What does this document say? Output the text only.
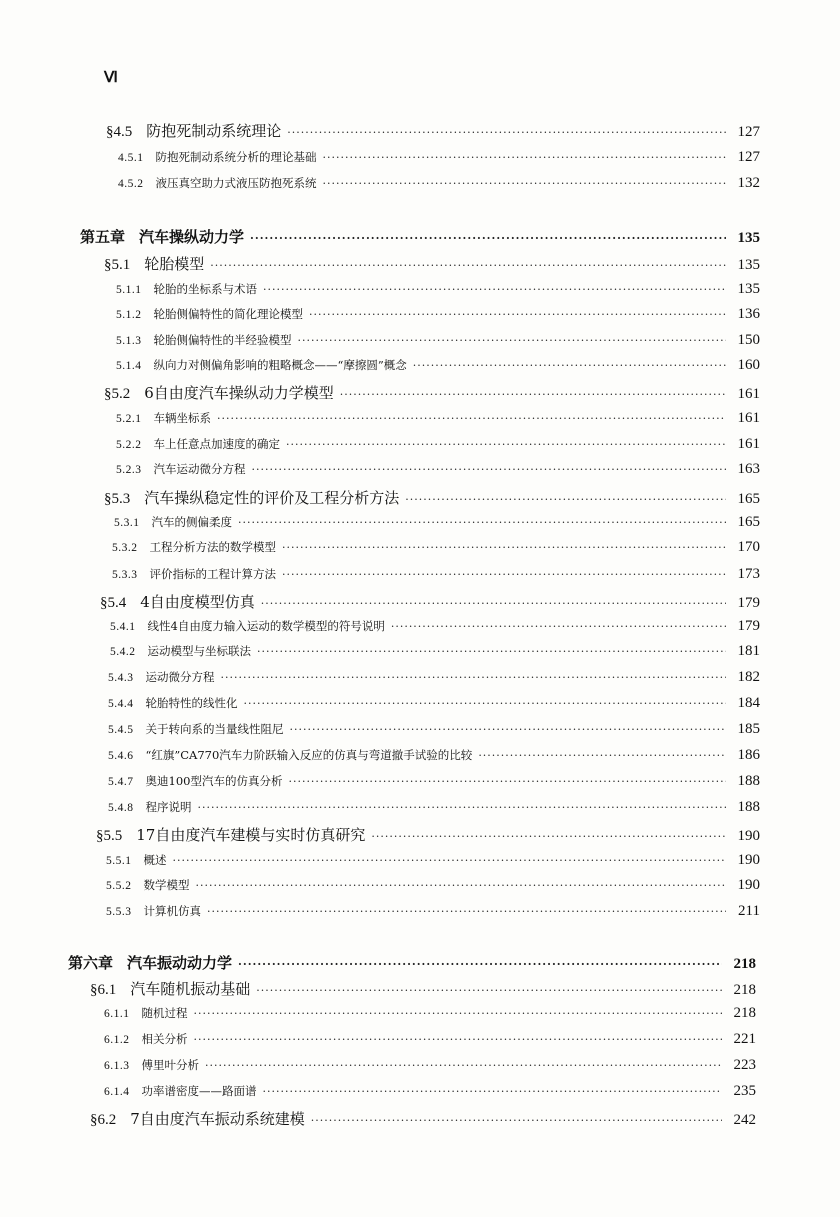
Ⅵ
§4.5 防抱死制动系统理论 ·····	127
4.5.1 防抱死制动系统分析的理论基础 ·····	127
4.5.2 液压真空助力式液压防抱死系统 ·····	132
第五章 汽车操纵动力学 ·····	135
§5.1 轮胎模型 ·····	135
5.1.1 轮胎的坐标系与术语 ·····	135
5.1.2 轮胎侧偏特性的简化理论模型 ·····	136
5.1.3 轮胎侧偏特性的半经验模型 ·····	150
5.1.4 纵向力对侧偏角影响的粗略概念——“摩擦圆”概念 ·····	160
§5.2 6自由度汽车操纵动力学模型 ·····	161
5.2.1 车辆坐标系 ·····	161
5.2.2 车上任意点加速度的确定 ·····	161
5.2.3 汽车运动微分方程 ·····	163
§5.3 汽车操纵稳定性的评价及工程分析方法 ·····	165
5.3.1 汽车的侧偏柔度 ·····	165
5.3.2 工程分析方法的数学模型 ·····	170
5.3.3 评价指标的工程计算方法 ·····	173
§5.4 4自由度模型仿真 ·····	179
5.4.1 线性4自由度力输入运动的数学模型的符号说明 ·····	179
5.4.2 运动模型与坐标联法 ·····	181
5.4.3 运动微分方程 ·····	182
5.4.4 轮胎特性的线性化 ·····	184
5.4.5 关于转向系的当量线性阻尼 ·····	185
5.4.6 “红旗”CA770汽车力阶跃输入反应的仿真与弯道撤手试验的比较 ·····	186
5.4.7 奥迪100型汽车的仿真分析 ·····	188
5.4.8 程序说明 ·····	188
§5.5 17自由度汽车建模与实时仿真研究 ·····	190
5.5.1 概述 ·····	190
5.5.2 数学模型 ·····	190
5.5.3 计算机仿真 ·····	211
第六章 汽车振动动力学 ·····	218
§6.1 汽车随机振动基础 ·····	218
6.1.1 随机过程 ·····	218
6.1.2 相关分析 ·····	221
6.1.3 傅里叶分析 ·····	223
6.1.4 功率谱密度——路面谱 ·····	235
§6.2 7自由度汽车振动系统建模 ·····	242
